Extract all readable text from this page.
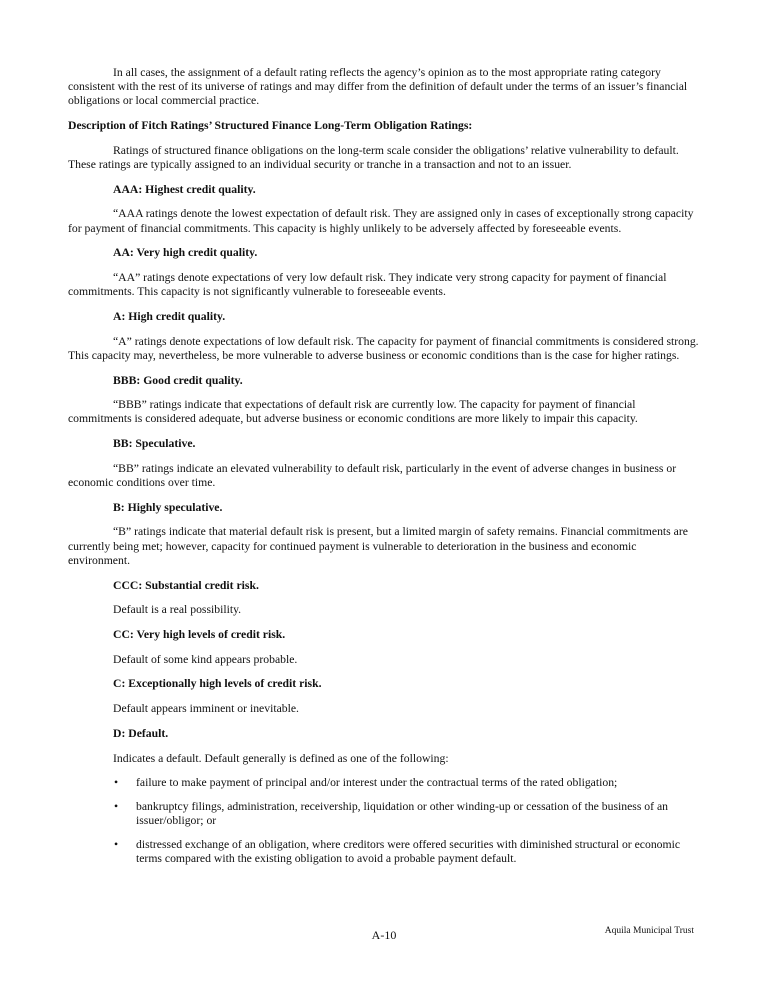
In all cases, the assignment of a default rating reflects the agency’s opinion as to the most appropriate rating category consistent with the rest of its universe of ratings and may differ from the definition of default under the terms of an issuer’s financial obligations or local commercial practice.

Description of Fitch Ratings’ Structured Finance Long-Term Obligation Ratings:

Ratings of structured finance obligations on the long-term scale consider the obligations’ relative vulnerability to default. These ratings are typically assigned to an individual security or tranche in a transaction and not to an issuer.

AAA: Highest credit quality.

“AAA ratings denote the lowest expectation of default risk. They are assigned only in cases of exceptionally strong capacity for payment of financial commitments. This capacity is highly unlikely to be adversely affected by foreseeable events.

AA: Very high credit quality.

“AA” ratings denote expectations of very low default risk. They indicate very strong capacity for payment of financial commitments. This capacity is not significantly vulnerable to foreseeable events.

A: High credit quality.

“A” ratings denote expectations of low default risk. The capacity for payment of financial commitments is considered strong. This capacity may, nevertheless, be more vulnerable to adverse business or economic conditions than is the case for higher ratings.

BBB: Good credit quality.

“BBB” ratings indicate that expectations of default risk are currently low. The capacity for payment of financial commitments is considered adequate, but adverse business or economic conditions are more likely to impair this capacity.

BB: Speculative.

“BB” ratings indicate an elevated vulnerability to default risk, particularly in the event of adverse changes in business or economic conditions over time.

B: Highly speculative.

“B” ratings indicate that material default risk is present, but a limited margin of safety remains. Financial commitments are currently being met; however, capacity for continued payment is vulnerable to deterioration in the business and economic environment.

CCC: Substantial credit risk.

Default is a real possibility.

CC: Very high levels of credit risk.

Default of some kind appears probable.

C: Exceptionally high levels of credit risk.

Default appears imminent or inevitable.

D: Default.

Indicates a default. Default generally is defined as one of the following:

• failure to make payment of principal and/or interest under the contractual terms of the rated obligation;
• bankruptcy filings, administration, receivership, liquidation or other winding-up or cessation of the business of an issuer/obligor; or
• distressed exchange of an obligation, where creditors were offered securities with diminished structural or economic terms compared with the existing obligation to avoid a probable payment default.
A-10	Aquila Municipal Trust
